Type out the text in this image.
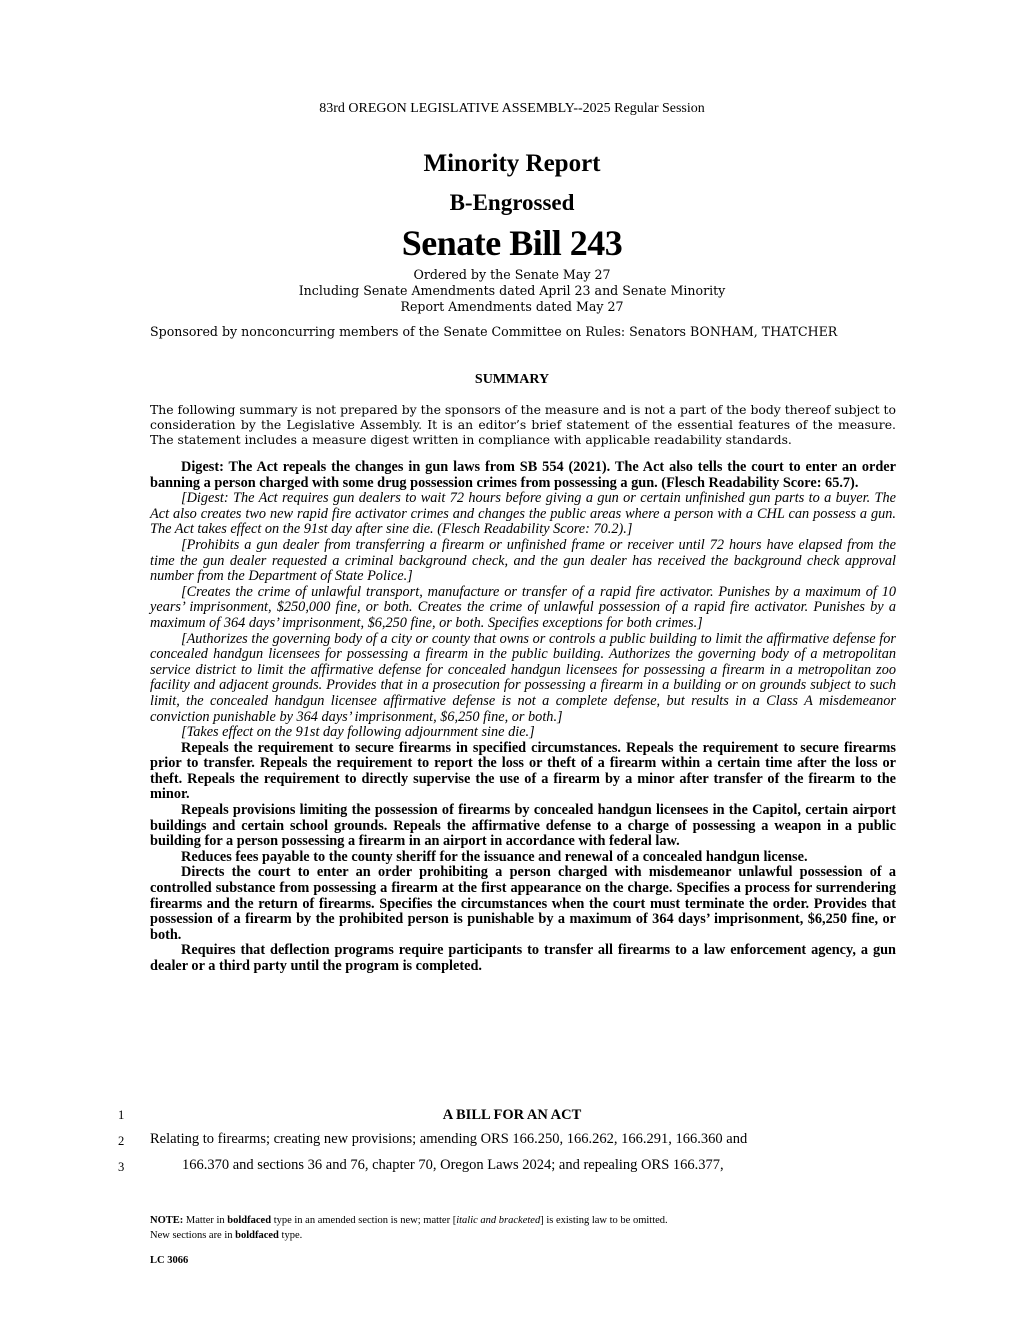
83rd OREGON LEGISLATIVE ASSEMBLY--2025 Regular Session
Minority Report
B-Engrossed
Senate Bill 243
Ordered by the Senate May 27
Including Senate Amendments dated April 23 and Senate Minority
Report Amendments dated May 27
Sponsored by nonconcurring members of the Senate Committee on Rules: Senators BONHAM, THATCHER
SUMMARY
The following summary is not prepared by the sponsors of the measure and is not a part of the body thereof subject to consideration by the Legislative Assembly. It is an editor’s brief statement of the essential features of the measure. The statement includes a measure digest written in compliance with applicable readability standards.

Digest: The Act repeals the changes in gun laws from SB 554 (2021). The Act also tells the court to enter an order banning a person charged with some drug possession crimes from possessing a gun. (Flesch Readability Score: 65.7).

[Digest: The Act requires gun dealers to wait 72 hours before giving a gun or certain unfinished gun parts to a buyer. The Act also creates two new rapid fire activator crimes and changes the public areas where a person with a CHL can possess a gun. The Act takes effect on the 91st day after sine die. (Flesch Readability Score: 70.2).]

[Prohibits a gun dealer from transferring a firearm or unfinished frame or receiver until 72 hours have elapsed from the time the gun dealer requested a criminal background check, and the gun dealer has received the background check approval number from the Department of State Police.]

[Creates the crime of unlawful transport, manufacture or transfer of a rapid fire activator. Punishes by a maximum of 10 years’ imprisonment, $250,000 fine, or both. Creates the crime of unlawful possession of a rapid fire activator. Punishes by a maximum of 364 days’ imprisonment, $6,250 fine, or both. Specifies exceptions for both crimes.]

[Authorizes the governing body of a city or county that owns or controls a public building to limit the affirmative defense for concealed handgun licensees for possessing a firearm in the public building. Authorizes the governing body of a metropolitan service district to limit the affirmative defense for concealed handgun licensees for possessing a firearm in a metropolitan zoo facility and adjacent grounds. Provides that in a prosecution for possessing a firearm in a building or on grounds subject to such limit, the concealed handgun licensee affirmative defense is not a complete defense, but results in a Class A misdemeanor conviction punishable by 364 days’ imprisonment, $6,250 fine, or both.]

[Takes effect on the 91st day following adjournment sine die.]

Repeals the requirement to secure firearms in specified circumstances. Repeals the requirement to secure firearms prior to transfer. Repeals the requirement to report the loss or theft of a firearm within a certain time after the loss or theft. Repeals the requirement to directly supervise the use of a firearm by a minor after transfer of the firearm to the minor.

Repeals provisions limiting the possession of firearms by concealed handgun licensees in the Capitol, certain airport buildings and certain school grounds. Repeals the affirmative defense to a charge of possessing a weapon in a public building for a person possessing a firearm in an airport in accordance with federal law.

Reduces fees payable to the county sheriff for the issuance and renewal of a concealed handgun license.

Directs the court to enter an order prohibiting a person charged with misdemeanor unlawful possession of a controlled substance from possessing a firearm at the first appearance on the charge. Specifies a process for surrendering firearms and the return of firearms. Specifies the circumstances when the court must terminate the order. Provides that possession of a firearm by the prohibited person is punishable by a maximum of 364 days’ imprisonment, $6,250 fine, or both.

Requires that deflection programs require participants to transfer all firearms to a law enforcement agency, a gun dealer or a third party until the program is completed.

1	A BILL FOR AN ACT
2 Relating to firearms; creating new provisions; amending ORS 166.250, 166.262, 166.291, 166.360 and
3	166.370 and sections 36 and 76, chapter 70, Oregon Laws 2024; and repealing ORS 166.377,
NOTE: Matter in boldfaced type in an amended section is new; matter [italic and bracketed] is existing law to be omitted.
New sections are in boldfaced type.
LC 3066
